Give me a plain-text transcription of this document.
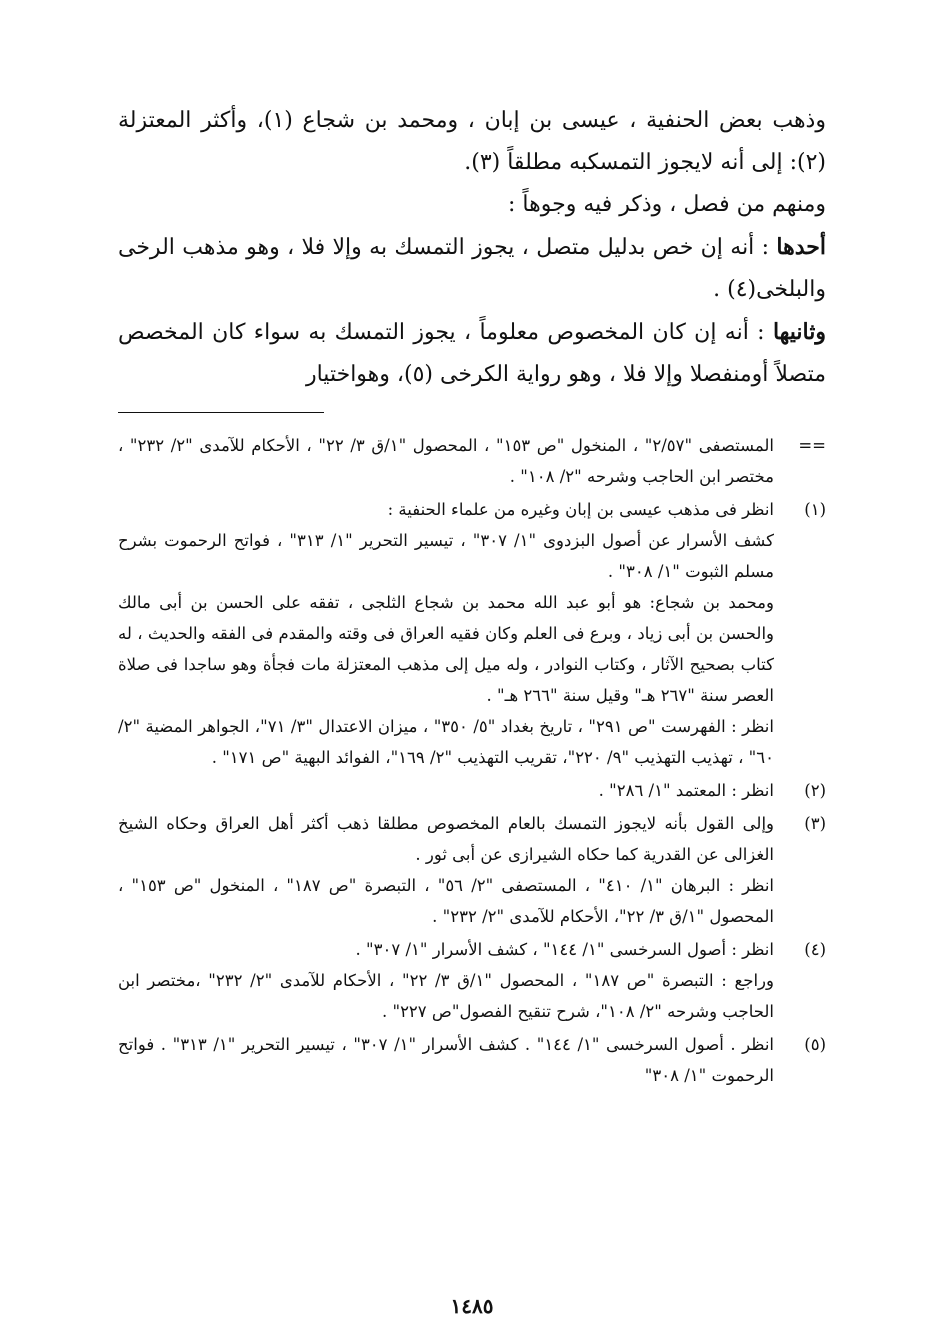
وذهب بعض الحنفية ، عيسى بن إبان ، ومحمد بن شجاع (١)، وأكثر المعتزلة (٢): إلى أنه لايجوز التمسكبه مطلقاً (٣).

ومنهم من فصل ، وذكر فيه وجوهاً :

أحدها : أنه إن خص بدليل متصل ، يجوز التمسك به وإلا فلا ، وهو مذهب الرخى والبلخى(٤) .

وثانيها : أنه إن كان المخصوص معلوماً ، يجوز التمسك به سواء كان المخصص متصلاً أومنفصلا وإلا فلا ، وهو رواية الكرخى (٥)، وهواختيار

==

المستصفى "٢/٥٧" ، المنخول "ص ١٥٣" ، المحصول "١/ق ٣/ ٢٢" ، الأحكام للآمدى "٢/ ٢٣٢" ، مختصر ابن الحاجب وشرحه "٢/ ١٠٨" .

(١)

انظر فى مذهب عيسى بن إبان وغيره من علماء الحنفية :

كشف الأسرار عن أصول البزدوى "١/ ٣٠٧" ، تيسير التحرير "١/ ٣١٣" ، فواتح الرحموت بشرح مسلم الثبوت "١/ ٣٠٨" .

ومحمد بن شجاع: هو أبو عبد الله محمد بن شجاع الثلجى ، تفقه على الحسن بن أبى مالك والحسن بن أبى زياد ، وبرع فى العلم وكان فقيه العراق فى وقته والمقدم فى الفقه والحديث ، له كتاب بصحيح الآثار ، وكتاب النوادر ، وله ميل إلى مذهب المعتزلة مات فجأة وهو ساجدا فى صلاة العصر سنة "٢٦٧ هـ" وقيل سنة "٢٦٦ هـ" .

انظر : الفهرست "ص ٢٩١" ، تاريخ بغداد "٥/ ٣٥٠" ، ميزان الاعتدال "٣/ ٧١"، الجواهر المضية "٢/ ٦٠" ، تهذيب التهذيب "٩/ ٢٢٠"، تقريب التهذيب "٢/ ١٦٩"، الفوائد البهية "ص ١٧١" .

(٢)

انظر : المعتمد "١/ ٢٨٦" .

(٣)

وإلى القول بأنه لايجوز التمسك بالعام المخصوص مطلقا ذهب أكثر أهل العراق وحكاه الشيخ الغزالى عن القدرية كما حكاه الشيرازى عن أبى ثور .

انظر : البرهان "١/ ٤١٠" ، المستصفى "٢/ ٥٦" ، التبصرة "ص ١٨٧" ، المنخول "ص ١٥٣" ، المحصول "١/ق ٣/ ٢٢"، الأحكام للآمدى "٢/ ٢٣٢" .

(٤)

انظر : أصول السرخسى "١/ ١٤٤" ، كشف الأسرار "١/ ٣٠٧" .

وراجع : التبصرة "ص ١٨٧" ، المحصول "١/ق ٣/ ٢٢" ، الأحكام للآمدى "٢/ ٢٣٢" ،مختصر ابن الحاجب وشرحه "٢/ ١٠٨"، شرح تنقيح الفصول"ص ٢٢٧" .

(٥)

انظر . أصول السرخسى "١/ ١٤٤" . كشف الأسرار "١/ ٣٠٧" ، تيسير التحرير "١/ ٣١٣" . فواتح الرحموت "١/ ٣٠٨"

١٤٨٥
